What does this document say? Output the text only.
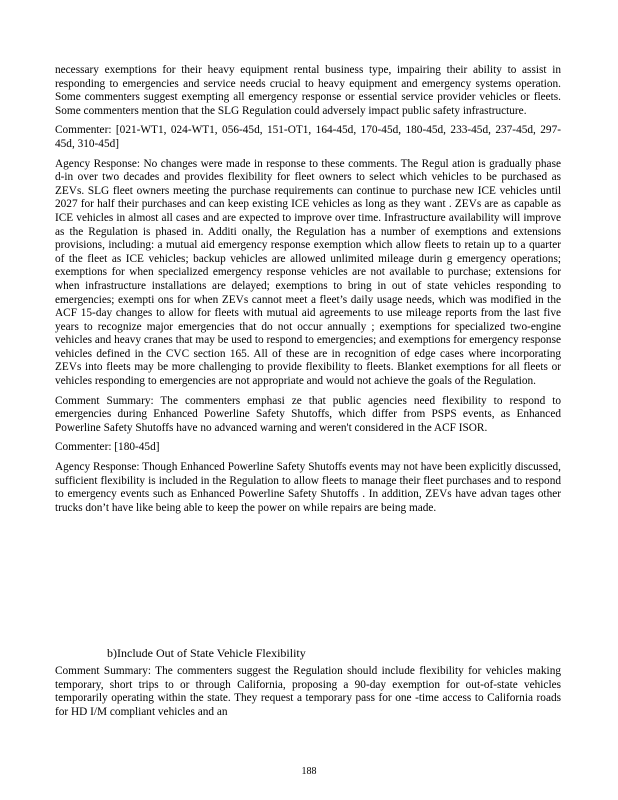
necessary exemptions for their heavy equipment rental business type, impairing their ability to assist in responding to emergencies and service needs crucial to heavy equipment and emergency systems operation. Some commenters suggest exempting all emergency response or essential service provider vehicles or fleets. Some commenters mention that the SLG Regulation could adversely impact public safety infrastructure.

Commenter: [021-WT1, 024-WT1, 056-45d, 151-OT1, 164-45d, 170-45d, 180-45d, 233-45d, 237-45d, 297-45d, 310-45d]

Agency Response: No changes were made in response to these comments. The Regul ation is gradually phase d-in over two decades and provides flexibility for fleet owners to select which vehicles to be purchased as ZEVs. SLG fleet owners meeting the purchase requirements can continue to purchase new ICE vehicles until 2027 for half their purchases and can keep existing ICE vehicles as long as they want . ZEVs are as capable as ICE vehicles in almost all cases and are expected to improve over time. Infrastructure availability will improve as the Regulation is phased in. Additi onally, the Regulation has a number of exemptions and extensions provisions, including: a mutual aid emergency response exemption which allow fleets to retain up to a quarter of the fleet as ICE vehicles; backup vehicles are allowed unlimited mileage durin g emergency operations; exemptions for when specialized emergency response vehicles are not available to purchase; extensions for when infrastructure installations are delayed; exemptions to bring in out of state vehicles responding to emergencies; exempti ons for when ZEVs cannot meet a fleet’s daily usage needs, which was modified in the ACF 15-day changes to allow for fleets with mutual aid agreements to use mileage reports from the last five years to recognize major emergencies that do not occur annually ; exemptions for specialized two-engine vehicles and heavy cranes that may be used to respond to emergencies; and exemptions for emergency response vehicles defined in the CVC section 165. All of these are in recognition of edge cases where incorporating ZEVs into fleets may be more challenging to provide flexibility to fleets. Blanket exemptions for all fleets or vehicles responding to emergencies are not appropriate and would not achieve the goals of the Regulation.

Comment Summary: The commenters emphasi ze that public agencies need flexibility to respond to emergencies during Enhanced Powerline Safety Shutoffs, which differ from PSPS events, as Enhanced Powerline Safety Shutoffs have no advanced warning and weren't considered in the ACF ISOR.

Commenter: [180-45d]

Agency Response: Though Enhanced Powerline Safety Shutoffs events may not have been explicitly discussed, sufficient flexibility is included in the Regulation to allow fleets to manage their fleet purchases and to respond to emergency events such as Enhanced Powerline Safety Shutoffs . In addition, ZEVs have advan tages other trucks don’t have like being able to keep the power on while repairs are being made.

b)Include Out of State Vehicle Flexibility

Comment Summary: The commenters suggest the Regulation should include flexibility for vehicles making temporary, short trips to or through California, proposing a 90-day exemption for out-of-state vehicles temporarily operating within the state. They request a temporary pass for one -time access to California roads for HD I/M compliant vehicles and an

188
